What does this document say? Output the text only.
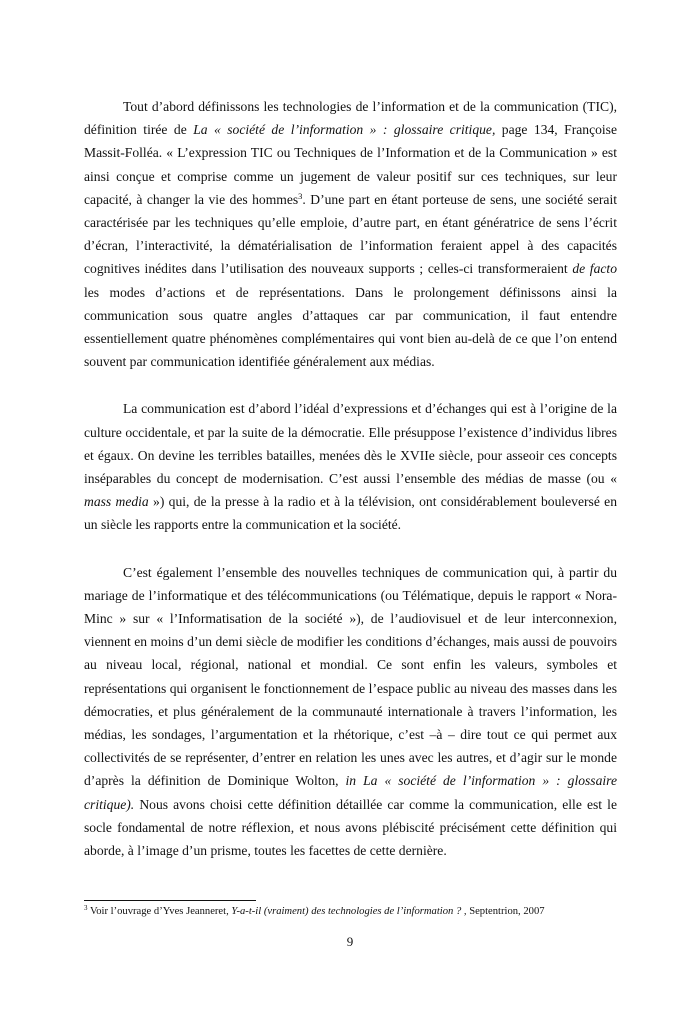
Tout d’abord définissons les technologies de l’information et de la communication (TIC), définition tirée de La « société de l’information » : glossaire critique, page 134, Françoise Massit-Folléa. « L’expression TIC ou Techniques de l’Information et de la Communication » est ainsi conçue et comprise comme un jugement de valeur positif sur ces techniques, sur leur capacité, à changer la vie des hommes$^3$. D’une part en étant porteuse de sens, une société serait caractérisée par les techniques qu’elle emploie, d’autre part, en étant génératrice de sens l’écrit d’écran, l’interactivité, la dématérialisation de l’information feraient appel à des capacités cognitives inédites dans l’utilisation des nouveaux supports ; celles-ci transformeraient de facto les modes d’actions et de représentations. Dans le prolongement définissons ainsi la communication sous quatre angles d’attaques car par communication, il faut entendre essentiellement quatre phénomènes complémentaires qui vont bien au-delà de ce que l’on entend souvent par communication identifiée généralement aux médias.

La communication est d’abord l’idéal d’expressions et d’échanges qui est à l’origine de la culture occidentale, et par la suite de la démocratie. Elle présuppose l’existence d’individus libres et égaux. On devine les terribles batailles, menées dès le XVIIe siècle, pour asseoir ces concepts inséparables du concept de modernisation. C’est aussi l’ensemble des médias de masse (ou « mass media ») qui, de la presse à la radio et à la télévision, ont considérablement bouleversé en un siècle les rapports entre la communication et la société.

C’est également l’ensemble des nouvelles techniques de communication qui, à partir du mariage de l’informatique et des télécommunications (ou Télématique, depuis le rapport « Nora-Minc » sur « l’Informatisation de la société »), de l’audiovisuel et de leur interconnexion, viennent en moins d’un demi siècle de modifier les conditions d’échanges, mais aussi de pouvoirs au niveau local, régional, national et mondial. Ce sont enfin les valeurs, symboles et représentations qui organisent le fonctionnement de l’espace public au niveau des masses dans les démocraties, et plus généralement de la communauté internationale à travers l’information, les médias, les sondages, l’argumentation et la rhétorique, c’est –à – dire tout ce qui permet aux collectivités de se représenter, d’entrer en relation les unes avec les autres, et d’agir sur le monde d’après la définition de Dominique Wolton, in La « société de l’information » : glossaire critique). Nous avons choisi cette définition détaillée car comme la communication, elle est le socle fondamental de notre réflexion, et nous avons plébiscité précisément cette définition qui aborde, à l’image d’un prisme, toutes les facettes de cette dernière.

$^3$ Voir l’ouvrage d’Yves Jeanneret, Y-a-t-il (vraiment) des technologies de l’information ? , Septentrion, 2007
9
